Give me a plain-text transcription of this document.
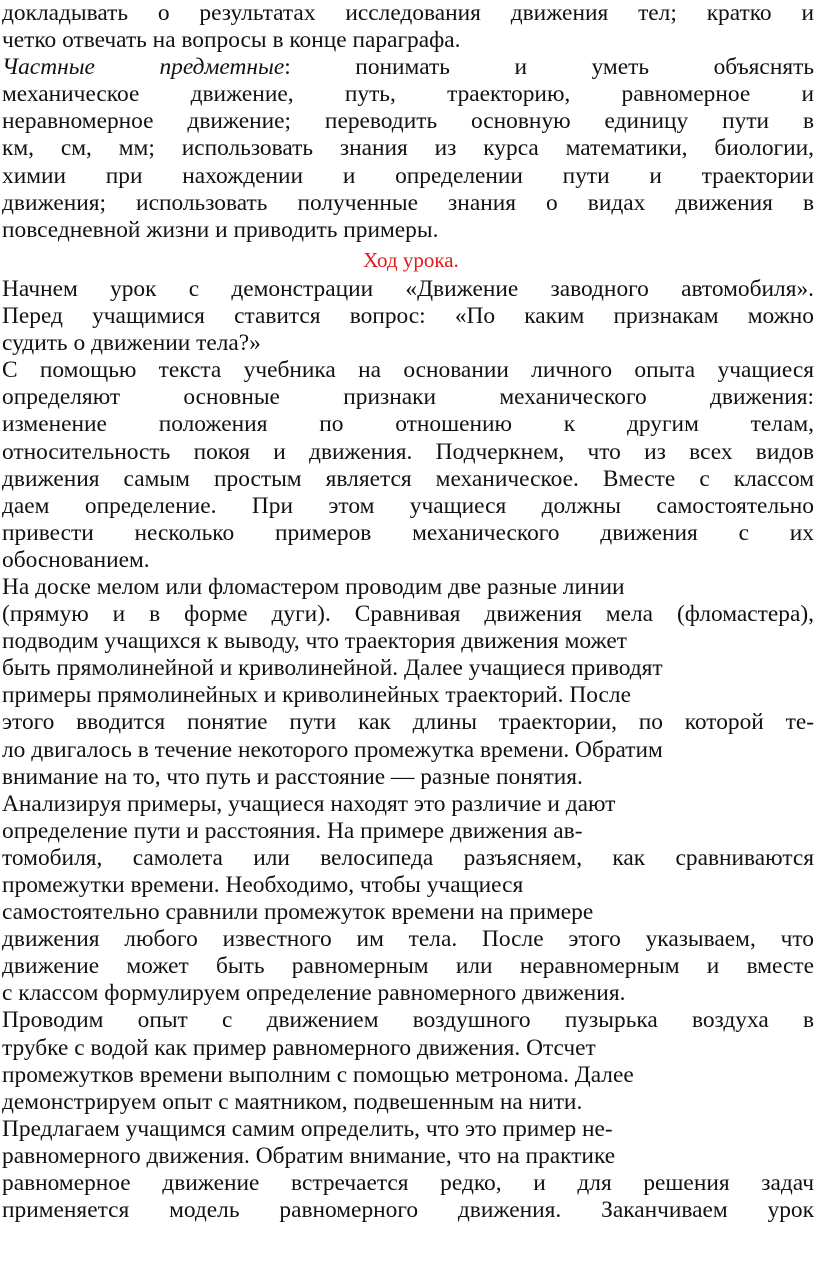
докладывать о результатах исследования движения тел; кратко и
четко отвечать на вопросы в конце параграфа.
Частные предметные: понимать и уметь объяснять
механическое движение, путь, траекторию, равномерное и
неравномерное движение; переводить основную единицу пути в
км, см, мм; использовать знания из курса математики, биологии,
химии при нахождении и определении пути и траектории
движения; использовать полученные знания о видах движения в
повседневной жизни и приводить примеры.
Ход урока.
Начнем урок с демонстрации «Движение заводного автомобиля».
Перед учащимися ставится вопрос: «По каким признакам можно
судить о движении тела?»
С помощью текста учебника на основании личного опыта учащиеся
определяют основные признаки механического движения:
изменение положения по отношению к другим телам,
относительность покоя и движения. Подчеркнем, что из всех видов
движения самым простым является механическое. Вместе с классом
даем определение. При этом учащиеся должны самостоятельно
привести несколько примеров механического движения с их
обоснованием.
На доске мелом или фломастером проводим две разные линии
(прямую и в форме дуги). Сравнивая движения мела (фломастера),
подводим учащихся к выводу, что траектория движения может
быть прямолинейной и криволинейной. Далее учащиеся приводят
примеры прямолинейных и криволинейных траекторий. После
этого вводится понятие пути как длины траектории, по которой те-
ло двигалось в течение некоторого промежутка времени. Обратим
внимание на то, что путь и расстояние — разные понятия.
Анализируя примеры, учащиеся находят это различие и дают
определение пути и расстояния. На примере движения ав-
томобиля, самолета или велосипеда разъясняем, как сравниваются
промежутки времени. Необходимо, чтобы учащиеся
самостоятельно сравнили промежуток времени на примере
движения любого известного им тела. После этого указываем, что
движение может быть равномерным или неравномерным и вместе
с классом формулируем определение равномерного движения.
Проводим опыт с движением воздушного пузырька воздуха в
трубке с водой как пример равномерного движения. Отсчет
промежутков времени выполним с помощью метронома. Далее
демонстрируем опыт с маятником, подвешенным на нити.
Предлагаем учащимся самим определить, что это пример не-
равномерного движения. Обратим внимание, что на практике
равномерное движение встречается редко, и для решения задач
применяется модель равномерного движения. Заканчиваем урок
